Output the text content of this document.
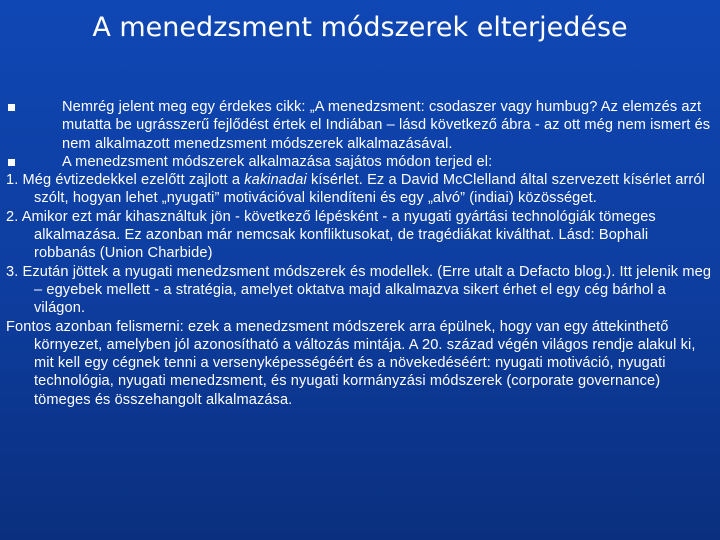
A menedzsment módszerek elterjedése
Nemrég jelent meg egy érdekes cikk: „A menedzsment: csodaszer vagy humbug? Az elemzés azt mutatta be ugrásszerű fejlődést értek el Indiában – lásd következő ábra - az ott még nem ismert és nem alkalmazott menedzsment módszerek alkalmazásával.
A menedzsment módszerek alkalmazása sajátos módon terjed el:
1. Még évtizedekkel ezelőtt zajlott a kakinadai kísérlet. Ez a David McClelland által szervezett kísérlet arról szólt, hogyan lehet „nyugati” motivációval kilendíteni és egy „alvó” (indiai) közösséget.
2. Amikor ezt már kihasználtuk jön - következő lépésként - a nyugati gyártási technológiák tömeges alkalmazása. Ez azonban már nemcsak konfliktusokat, de tragédiákat kiválthat. Lásd: Bophali robbanás (Union Charbide)
3. Ezután jöttek a nyugati menedzsment módszerek és modellek. (Erre utalt a Defacto blog.). Itt jelenik meg – egyebek mellett - a stratégia, amelyet oktatva majd alkalmazva sikert érhet el egy cég bárhol a világon.
Fontos azonban felismerni: ezek a menedzsment módszerek arra épülnek, hogy van egy áttekinthető környezet, amelyben jól azonosítható a változás mintája. A 20. század végén világos rendje alakul ki, mit kell egy cégnek tenni a versenyképességéért és a növekedéséért: nyugati motiváció, nyugati technológia, nyugati menedzsment, és nyugati kormányzási módszerek (corporate governance) tömeges és összehangolt alkalmazása.
